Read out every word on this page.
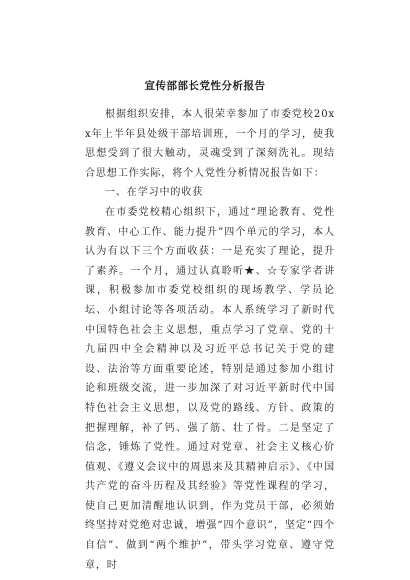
宣传部部长党性分析报告

根据组织安排，本人很荣幸参加了市委党校20xx年上半年县处级干部培训班，一个月的学习，使我思想受到了很大触动，灵魂受到了深刻洗礼。现结合思想工作实际，将个人党性分析情况报告如下：

一、在学习中的收获

在市委党校精心组织下，通过“理论教育、党性教育、中心工作、能力提升”四个单元的学习，本人认为有以下三个方面收获：一是充实了理论，提升了素养。一个月，通过认真聆听★、☆专家学者讲课，积极参加市委党校组织的现场教学、学员论坛、小组讨论等各项活动。本人系统学习了新时代中国特色社会主义思想，重点学习了党章、党的十九届四中全会精神以及习近平总书记关于党的建设、法治等方面重要论述，特别是通过参加小组讨论和班级交流，进一步加深了对习近平新时代中国特色社会主义思想，以及党的路线、方针、政策的把握理解，补了钙、强了筋、壮了骨。二是坚定了信念，锤炼了党性。通过对党章、社会主义核心价值观、《遵义会议中的周恩来及其精神启示》、《中国共产党的奋斗历程及其经验》等党性课程的学习，使自己更加清醒地认识到，作为党员干部，必须始终坚持对党绝对忠诚，增强“四个意识”，坚定“四个自信”、做到“两个维护”，带头学习党章、遵守党章，时
